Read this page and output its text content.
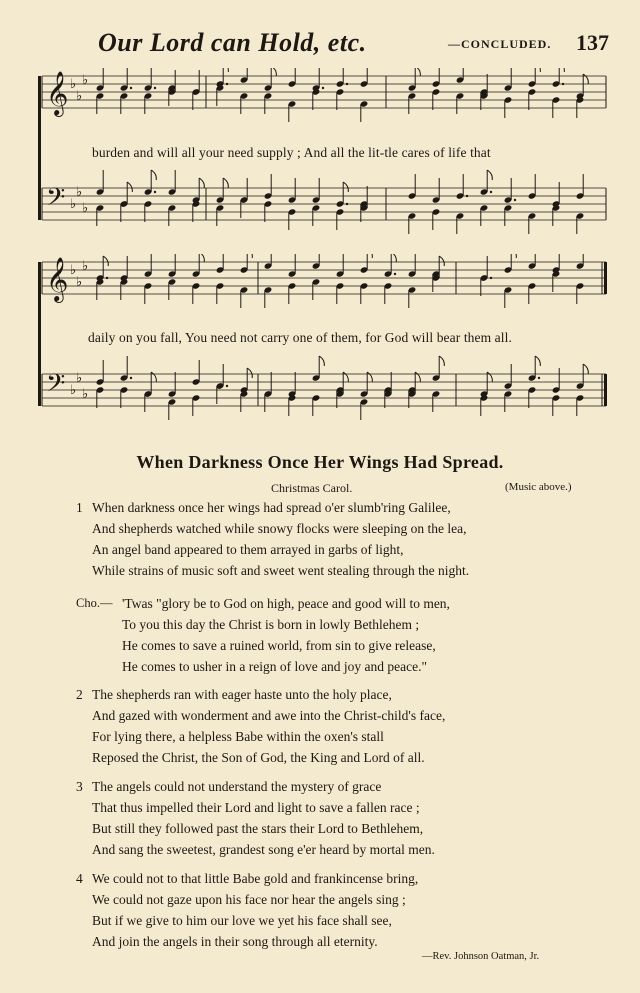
Our Lord can Hold, etc.	—CONCLUDED. 137
𝄞 ♭
♭
♭
𝄢 ♭
♭
♭
burden and will all your need supply ; And all the lit-tle cares of life that
𝄞 ♭
♭
♭
𝄢 ♭
♭
♭
daily on you fall, You need not carry one of them, for God will bear them all.
When Darkness Once Her Wings Had Spread.
Christmas Carol.	(Music above.)
1 When darkness once her wings had spread o'er slumb'ring Galilee,
And shepherds watched while snowy flocks were sleeping on the lea,
An angel band appeared to them arrayed in garbs of light,
While strains of music soft and sweet went stealing through the night.
Cho.— 'Twas "glory be to God on high, peace and good will to men,
To you this day the Christ is born in lowly Bethlehem ;
He comes to save a ruined world, from sin to give release,
He comes to usher in a reign of love and joy and peace."
2 The shepherds ran with eager haste unto the holy place,
And gazed with wonderment and awe into the Christ-child's face,
For lying there, a helpless Babe within the oxen's stall
Reposed the Christ, the Son of God, the King and Lord of all.
3 The angels could not understand the mystery of grace
That thus impelled their Lord and light to save a fallen race ;
But still they followed past the stars their Lord to Bethlehem,
And sang the sweetest, grandest song e'er heard by mortal men.
4 We could not to that little Babe gold and frankincense bring,
We could not gaze upon his face nor hear the angels sing ;
But if we give to him our love we yet his face shall see,
And join the angels in their song through all eternity.
—Rev. Johnson Oatman, Jr.
